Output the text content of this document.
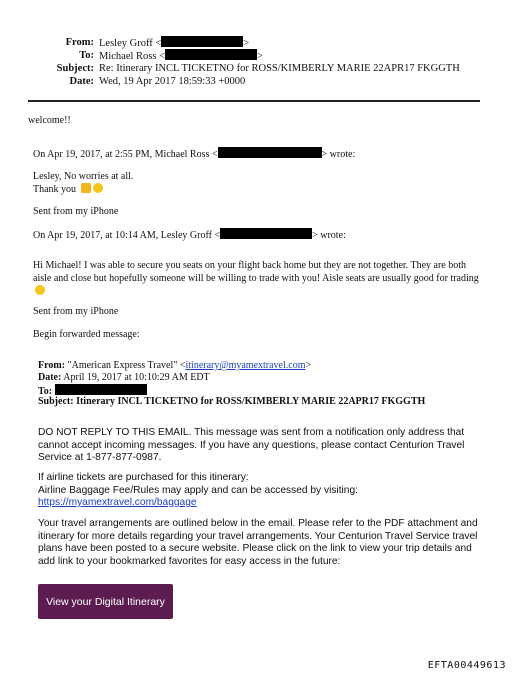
From: Lesley Groff <	>
To: Michael Ross <	>
Subject: Re: Itinerary INCL TICKETNO for ROSS/KIMBERLY MARIE 22APR17 FKGGTH
Date: Wed, 19 Apr 2017 18:59:33 +0000
welcome!!
On Apr 19, 2017, at 2:55 PM, Michael Ross <	> wrote:
Lesley, No worries at all.
Thank you
Sent from my iPhone
On Apr 19, 2017, at 10:14 AM, Lesley Groff <	> wrote:
Hi Michael! I was able to secure you seats on your flight back home but they are not together. They are both aisle and close but hopefully someone will be willing to trade with you! Aisle seats are usually good for trading
Sent from my iPhone
Begin forwarded message:
From: "American Express Travel" <itinerary@myamextravel.com>
Date: April 19, 2017 at 10:10:29 AM EDT
To:
Subject: Itinerary INCL TICKETNO for ROSS/KIMBERLY MARIE 22APR17 FKGGTH
DO NOT REPLY TO THIS EMAIL. This message was sent from a notification only address that cannot accept incoming messages. If you have any questions, please contact Centurion Travel Service at 1-877-877-0987.
If airline tickets are purchased for this itinerary:
Airline Baggage Fee/Rules may apply and can be accessed by visiting:
https://myamextravel.com/baggage
Your travel arrangements are outlined below in the email. Please refer to the PDF attachment and itinerary for more details regarding your travel arrangements. Your Centurion Travel Service travel plans have been posted to a secure website. Please click on the link to view your trip details and add link to your bookmarked favorites for easy access in the future:
View your Digital Itinerary
EFTA00449613
